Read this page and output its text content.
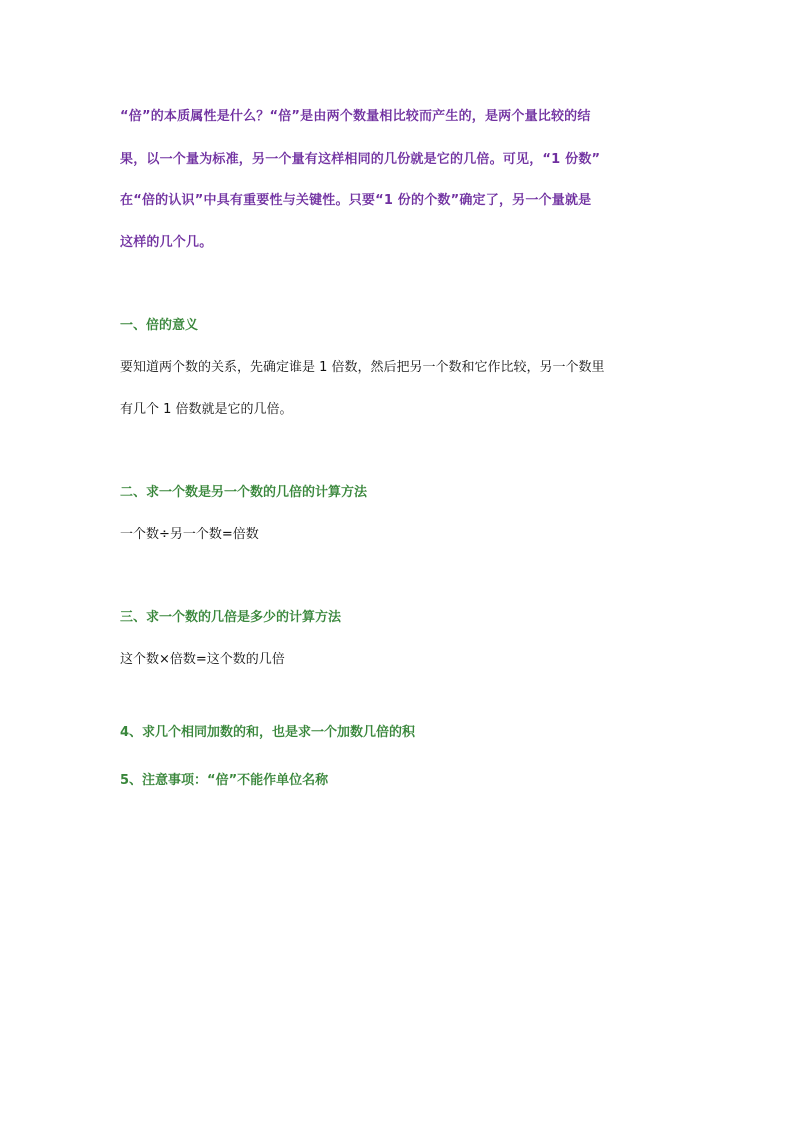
“倍”的本质属性是什么？“倍”是由两个数量相比较而产生的，是两个量比较的结
果，以一个量为标准，另一个量有这样相同的几份就是它的几倍。可见，“1 份数”
在“倍的认识”中具有重要性与关键性。只要“1 份的个数”确定了，另一个量就是
这样的几个几。
一、倍的意义
要知道两个数的关系，先确定谁是 1 倍数，然后把另一个数和它作比较，另一个数里
有几个 1 倍数就是它的几倍。
二、求一个数是另一个数的几倍的计算方法
一个数÷另一个数=倍数
三、求一个数的几倍是多少的计算方法
这个数×倍数=这个数的几倍
4、求几个相同加数的和，也是求一个加数几倍的积
5、注意事项：“倍”不能作单位名称
